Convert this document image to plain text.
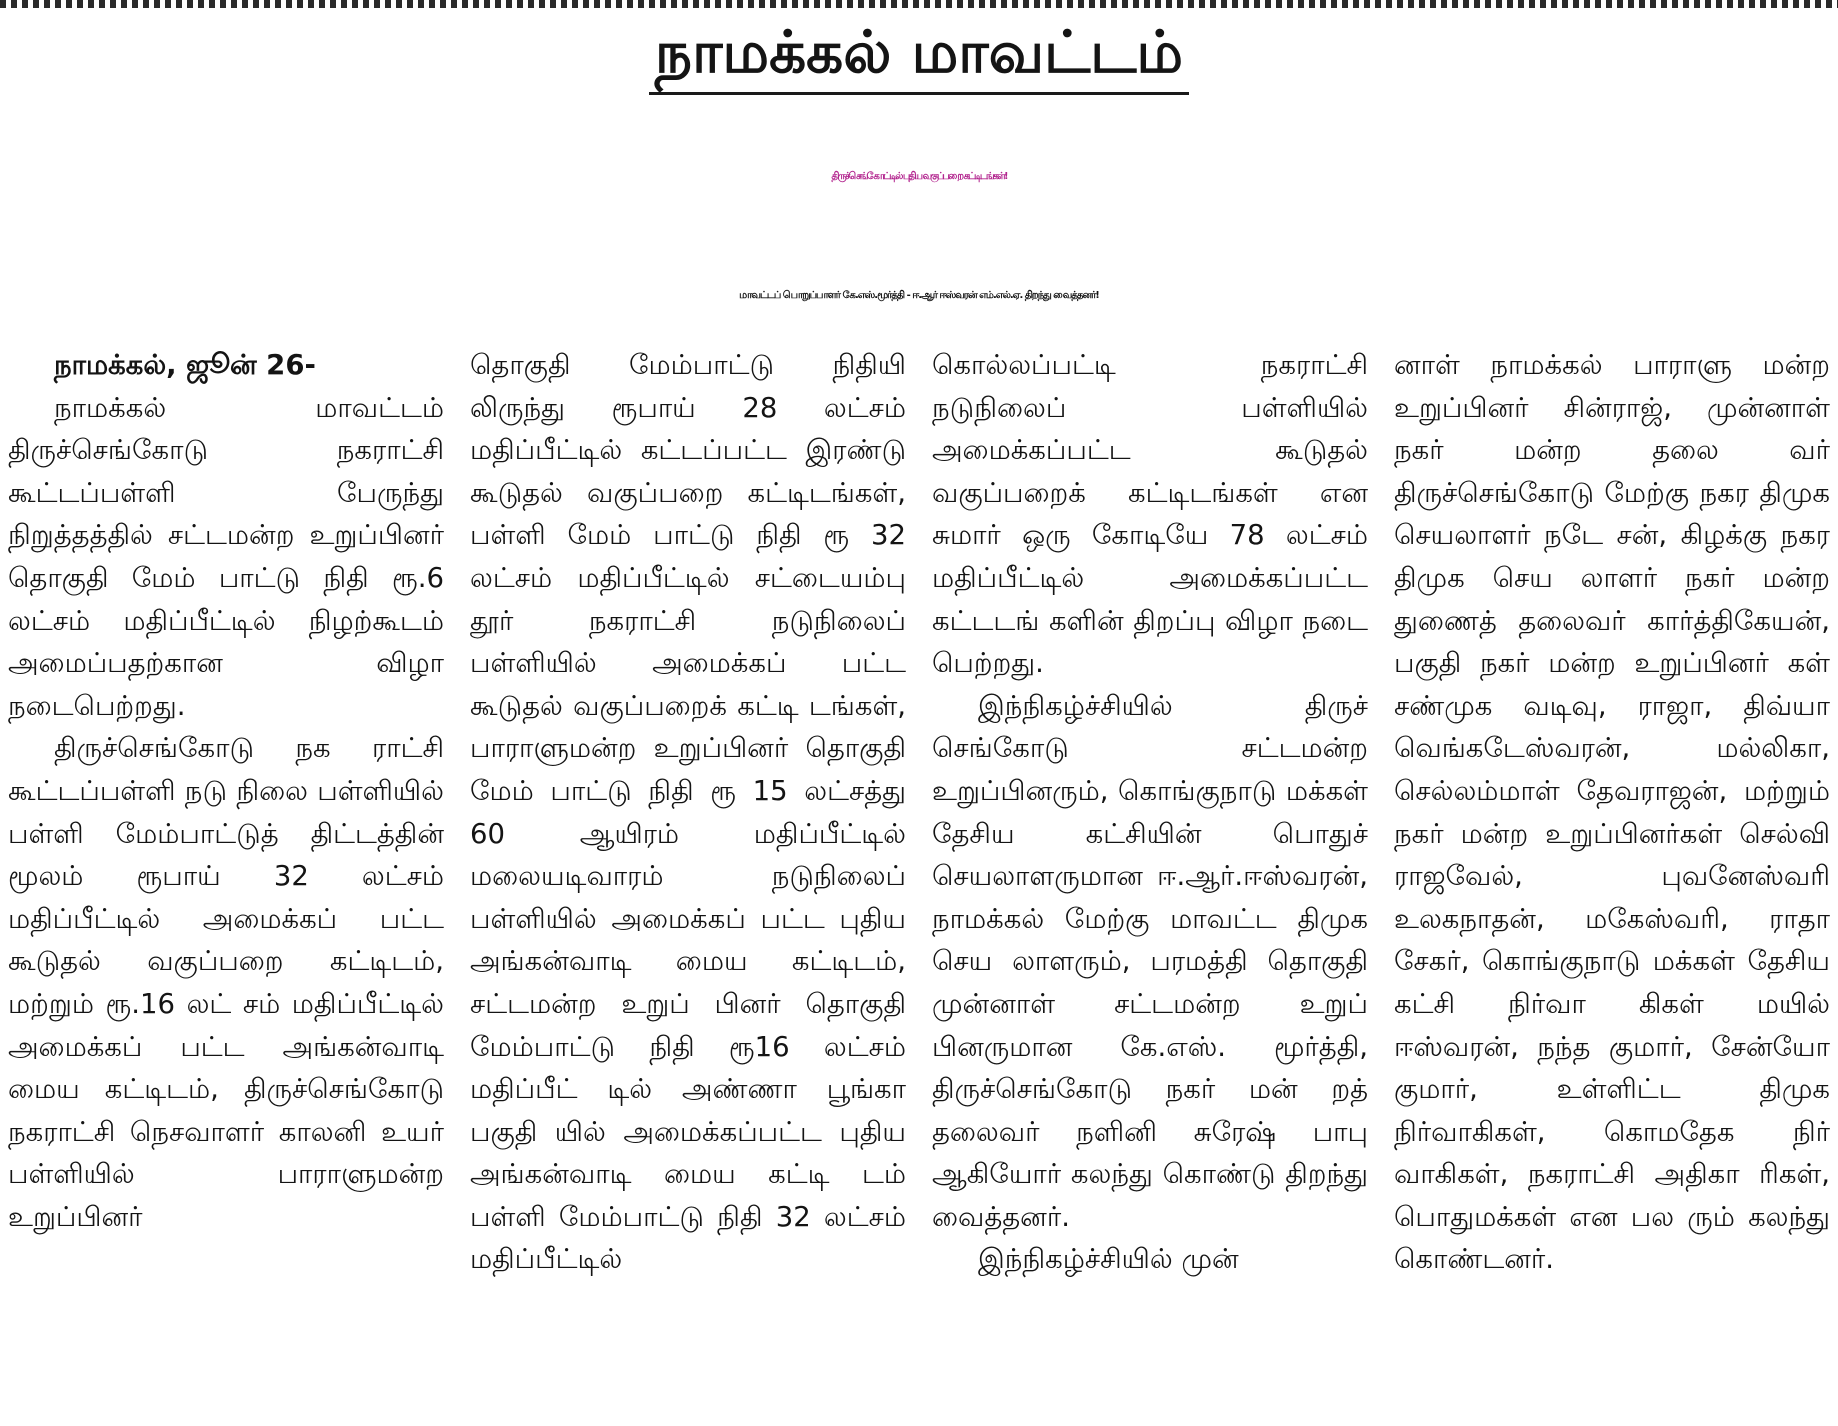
நாமக்கல் மாவட்டம்
திருச்செங்கோட்டில் புதிய வகுப்பறை கட்டிடங்கள்!
மாவட்டப் பொறுப்பாளர் கே.எஸ்.மூர்த்தி - ஈ.ஆர் ஈஸ்வரன் எம்.எல்.ஏ. திறந்து வைத்தனர்!

நாமக்கல், ஜூன் 26-

நாமக்கல் மாவட்டம் திருச்செங்கோடு நகராட்சி கூட்டப்பள்ளி பேருந்து நிறுத்தத்தில் சட்டமன்ற உறுப்பினர் தொகுதி மேம் பாட்டு நிதி ரூ.6 லட்சம் மதிப்பீட்டில் நிழற்கூடம் அமைப்பதற்கான விழா நடைபெற்றது.

திருச்செங்கோடு நக ராட்சி கூட்டப்பள்ளி நடு நிலை பள்ளியில் பள்ளி மேம்பாட்டுத் திட்டத்தின் மூலம் ரூபாய் 32 லட்சம் மதிப்பீட்டில் அமைக்கப் பட்ட கூடுதல் வகுப்பறை கட்டிடம், மற்றும் ரூ.16 லட் சம் மதிப்பீட்டில் அமைக்கப் பட்ட அங்கன்வாடி மைய கட்டிடம், திருச்செங்கோடு நகராட்சி நெசவாளர் காலனி உயர் பள்ளியில் பாராளுமன்ற உறுப்பினர்

தொகுதி மேம்பாட்டு நிதியி லிருந்து ரூபாய் 28 லட்சம் மதிப்பீட்டில் கட்டப்பட்ட இரண்டு கூடுதல் வகுப்பறை கட்டிடங்கள், பள்ளி மேம் பாட்டு நிதி ரூ 32 லட்சம் மதிப்பீட்டில் சட்டையம்பு தூர் நகராட்சி நடுநிலைப் பள்ளியில் அமைக்கப் பட்ட கூடுதல் வகுப்பறைக் கட்டி டங்கள், பாராளுமன்ற உறுப்பினர் தொகுதி மேம் பாட்டு நிதி ரூ 15 லட்சத்து 60 ஆயிரம் மதிப்பீட்டில் மலையடிவாரம் நடுநிலைப் பள்ளியில் அமைக்கப் பட்ட புதிய அங்கன்வாடி மைய கட்டிடம், சட்டமன்ற உறுப் பினர் தொகுதி மேம்பாட்டு நிதி ரூ16 லட்சம் மதிப்பீட் டில் அண்ணா பூங்கா பகுதி யில் அமைக்கப்பட்ட புதிய அங்கன்வாடி மைய கட்டி டம் பள்ளி மேம்பாட்டு நிதி 32 லட்சம் மதிப்பீட்டில்

கொல்லப்பட்டி நகராட்சி நடுநிலைப் பள்ளியில் அமைக்கப்பட்ட கூடுதல் வகுப்பறைக் கட்டிடங்கள் என சுமார் ஒரு கோடியே 78 லட்சம் மதிப்பீட்டில் அமைக்கப்பட்ட கட்டடங் களின் திறப்பு விழா நடை பெற்றது.

இந்நிகழ்ச்சியில் திருச் செங்கோடு சட்டமன்ற உறுப்பினரும், கொங்குநாடு மக்கள் தேசிய கட்சியின் பொதுச் செயலாளருமான ஈ.ஆர்.ஈஸ்வரன், நாமக்கல் மேற்கு மாவட்ட திமுக செய லாளரும், பரமத்தி தொகுதி முன்னாள் சட்டமன்ற உறுப் பினருமான கே.எஸ். மூர்த்தி, திருச்செங்கோடு நகர் மன் றத் தலைவர் நளினி சுரேஷ் பாபு ஆகியோர் கலந்து கொண்டு திறந்து வைத்தனர்.

இந்நிகழ்ச்சியில் முன்

னாள் நாமக்கல் பாராளு மன்ற உறுப்பினர் சின்ராஜ், முன்னாள் நகர் மன்ற தலை வர் திருச்செங்கோடு மேற்கு நகர திமுக செயலாளர் நடே சன், கிழக்கு நகர திமுக செய லாளர் நகர் மன்ற துணைத் தலைவர் கார்த்திகேயன், பகுதி நகர் மன்ற உறுப்பினர் கள் சண்முக வடிவு, ராஜா, திவ்யா வெங்கடேஸ்வரன், மல்லிகா, செல்லம்மாள் தேவராஜன், மற்றும் நகர் மன்ற உறுப்பினர்கள் செல்வி ராஜவேல், புவனேஸ்வரி உலகநாதன், மகேஸ்வரி, ராதா சேகர், கொங்குநாடு மக்கள் தேசிய கட்சி நிர்வா கிகள் மயில் ஈஸ்வரன், நந்த குமார், சேன்யோ குமார், உள்ளிட்ட திமுக நிர்வாகிகள், கொமதேக நிர் வாகிகள், நகராட்சி அதிகா ரிகள், பொதுமக்கள் என பல ரும் கலந்து கொண்டனர்.
